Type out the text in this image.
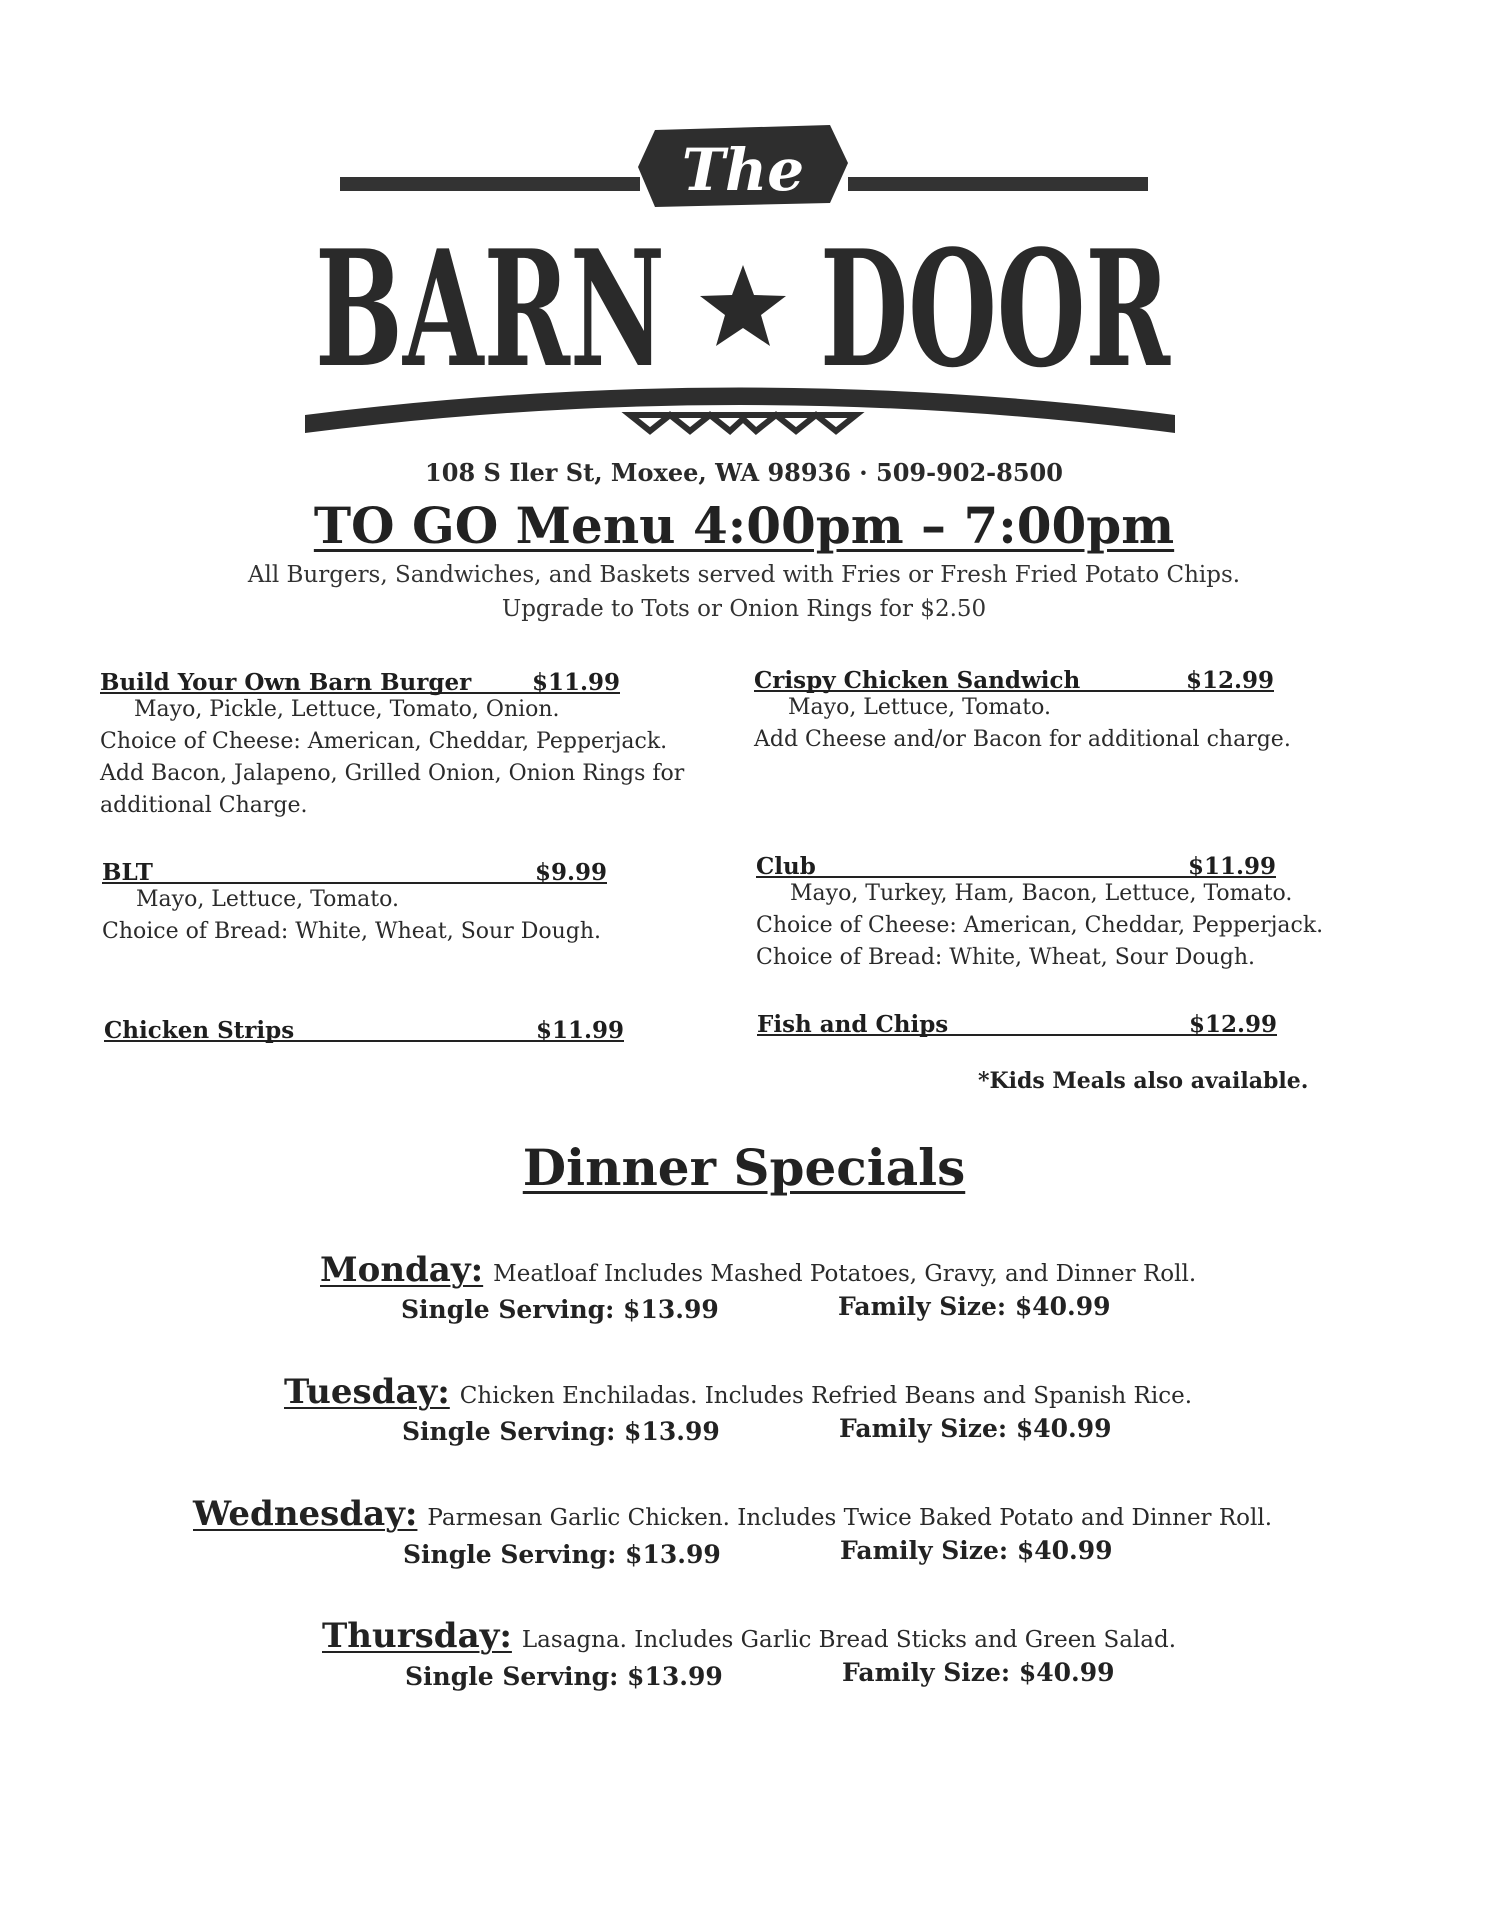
The
BARN DOOR
108 S Iler St, Moxee, WA 98936 · 509-902-8500
TO GO Menu 4:00pm – 7:00pm
All Burgers, Sandwiches, and Baskets served with Fries or Fresh Fried Potato Chips.
Upgrade to Tots or Onion Rings for $2.50
Build Your Own Barn Burger	$11.99
Mayo, Pickle, Lettuce, Tomato, Onion.
Choice of Cheese: American, Cheddar, Pepperjack.
Add Bacon, Jalapeno, Grilled Onion, Onion Rings for
additional Charge.
BLT	$9.99
Mayo, Lettuce, Tomato.
Choice of Bread: White, Wheat, Sour Dough.
Chicken Strips	$11.99
Crispy Chicken Sandwich	$12.99
Mayo, Lettuce, Tomato.
Add Cheese and/or Bacon for additional charge.
Club	$11.99
Mayo, Turkey, Ham, Bacon, Lettuce, Tomato.
Choice of Cheese: American, Cheddar, Pepperjack.
Choice of Bread: White, Wheat, Sour Dough.
Fish and Chips	$12.99
*Kids Meals also available.
Dinner Specials
Monday: Meatloaf Includes Mashed Potatoes, Gravy, and Dinner Roll.
Single Serving: $13.99	Family Size: $40.99
Tuesday: Chicken Enchiladas. Includes Refried Beans and Spanish Rice.
Single Serving: $13.99	Family Size: $40.99
Wednesday: Parmesan Garlic Chicken. Includes Twice Baked Potato and Dinner Roll.
Single Serving: $13.99	Family Size: $40.99
Thursday: Lasagna. Includes Garlic Bread Sticks and Green Salad.
Single Serving: $13.99	Family Size: $40.99
